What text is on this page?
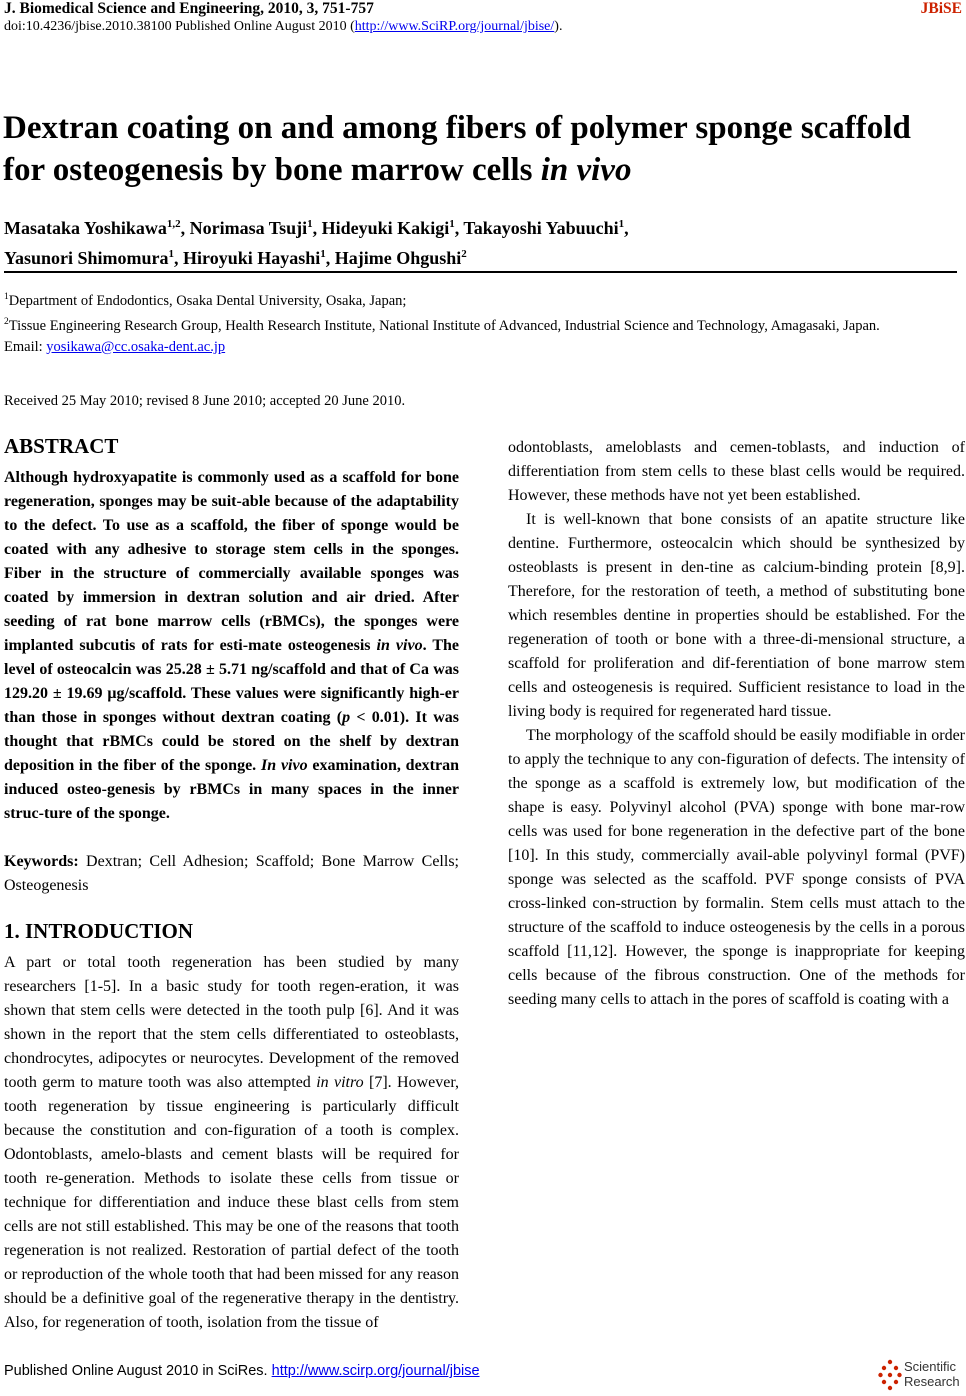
J. Biomedical Science and Engineering, 2010, 3, 751-757	JBiSE
doi:10.4236/jbise.2010.38100 Published Online August 2010 (http://www.SciRP.org/journal/jbise/).
Dextran coating on and among fibers of polymer sponge scaffold for osteogenesis by bone marrow cells in vivo
Masataka Yoshikawa$^{1,2}$, Norimasa Tsuji$^1$, Hideyuki Kakigi$^1$, Takayoshi Yabuuchi$^1$,
Yasunori Shimomura$^1$, Hiroyuki Hayashi$^1$, Hajime Ohgushi$^2$
$^1$Department of Endodontics, Osaka Dental University, Osaka, Japan;
$^2$Tissue Engineering Research Group, Health Research Institute, National Institute of Advanced, Industrial Science and Technology, Amagasaki, Japan.
Email: yosikawa@cc.osaka-dent.ac.jp
Received 25 May 2010; revised 8 June 2010; accepted 20 June 2010.

ABSTRACT

Although hydroxyapatite is commonly used as a scaffold for bone regeneration, sponges may be suit-able because of the adaptability to the defect. To use as a scaffold, the fiber of sponge would be coated with any adhesive to storage stem cells in the sponges. Fiber in the structure of commercially available sponges was coated by immersion in dextran solution and air dried. After seeding of rat bone marrow cells (rBMCs), the sponges were implanted subcutis of rats for esti-mate osteogenesis in vivo. The level of osteocalcin was 25.28 ± 5.71 ng/scaffold and that of Ca was 129.20 ± 19.69 μg/scaffold. These values were significantly high-er than those in sponges without dextran coating (p < 0.01). It was thought that rBMCs could be stored on the shelf by dextran deposition in the fiber of the sponge. In vivo examination, dextran induced osteo-genesis by rBMCs in many spaces in the inner struc-ture of the sponge.

Keywords: Dextran; Cell Adhesion; Scaffold; Bone Marrow Cells; Osteogenesis

1. INTRODUCTION

A part or total tooth regeneration has been studied by many researchers [1-5]. In a basic study for tooth regen-eration, it was shown that stem cells were detected in the tooth pulp [6]. And it was shown in the report that the stem cells differentiated to osteoblasts, chondrocytes, adipocytes or neurocytes. Development of the removed tooth germ to mature tooth was also attempted in vitro [7]. However, tooth regeneration by tissue engineering is particularly difficult because the constitution and con-figuration of a tooth is complex. Odontoblasts, amelo-blasts and cement blasts will be required for tooth re-generation. Methods to isolate these cells from tissue or technique for differentiation and induce these blast cells from stem cells are not still established. This may be one of the reasons that tooth regeneration is not realized. Restoration of partial defect of the tooth or reproduction of the whole tooth that had been missed for any reason should be a definitive goal of the regenerative therapy in the dentistry. Also, for regeneration of tooth, isolation from the tissue of

odontoblasts, ameloblasts and cemen-toblasts, and induction of differentiation from stem cells to these blast cells would be required. However, these methods have not yet been established.

It is well-known that bone consists of an apatite structure like dentine. Furthermore, osteocalcin which should be synthesized by osteoblasts is present in den-tine as calcium-binding protein [8,9]. Therefore, for the restoration of teeth, a method of substituting bone which resembles dentine in properties should be established. For the regeneration of tooth or bone with a three-di-mensional structure, a scaffold for proliferation and dif-ferentiation of bone marrow stem cells and osteogenesis is required. Sufficient resistance to load in the living body is required for regenerated hard tissue.

The morphology of the scaffold should be easily modifiable in order to apply the technique to any con-figuration of defects. The intensity of the sponge as a scaffold is extremely low, but modification of the shape is easy. Polyvinyl alcohol (PVA) sponge with bone mar-row cells was used for bone regeneration in the defective part of the bone [10]. In this study, commercially avail-able polyvinyl formal (PVF) sponge was selected as the scaffold. PVF sponge consists of PVA cross-linked con-struction by formalin. Stem cells must attach to the structure of the scaffold to induce osteogenesis by the cells in a porous scaffold [11,12]. However, the sponge is inappropriate for keeping cells because of the fibrous construction. One of the methods for seeding many cells to attach in the pores of scaffold is coating with a

Published Online August 2010 in SciRes. http://www.scirp.org/journal/jbise	Scientific
Research
